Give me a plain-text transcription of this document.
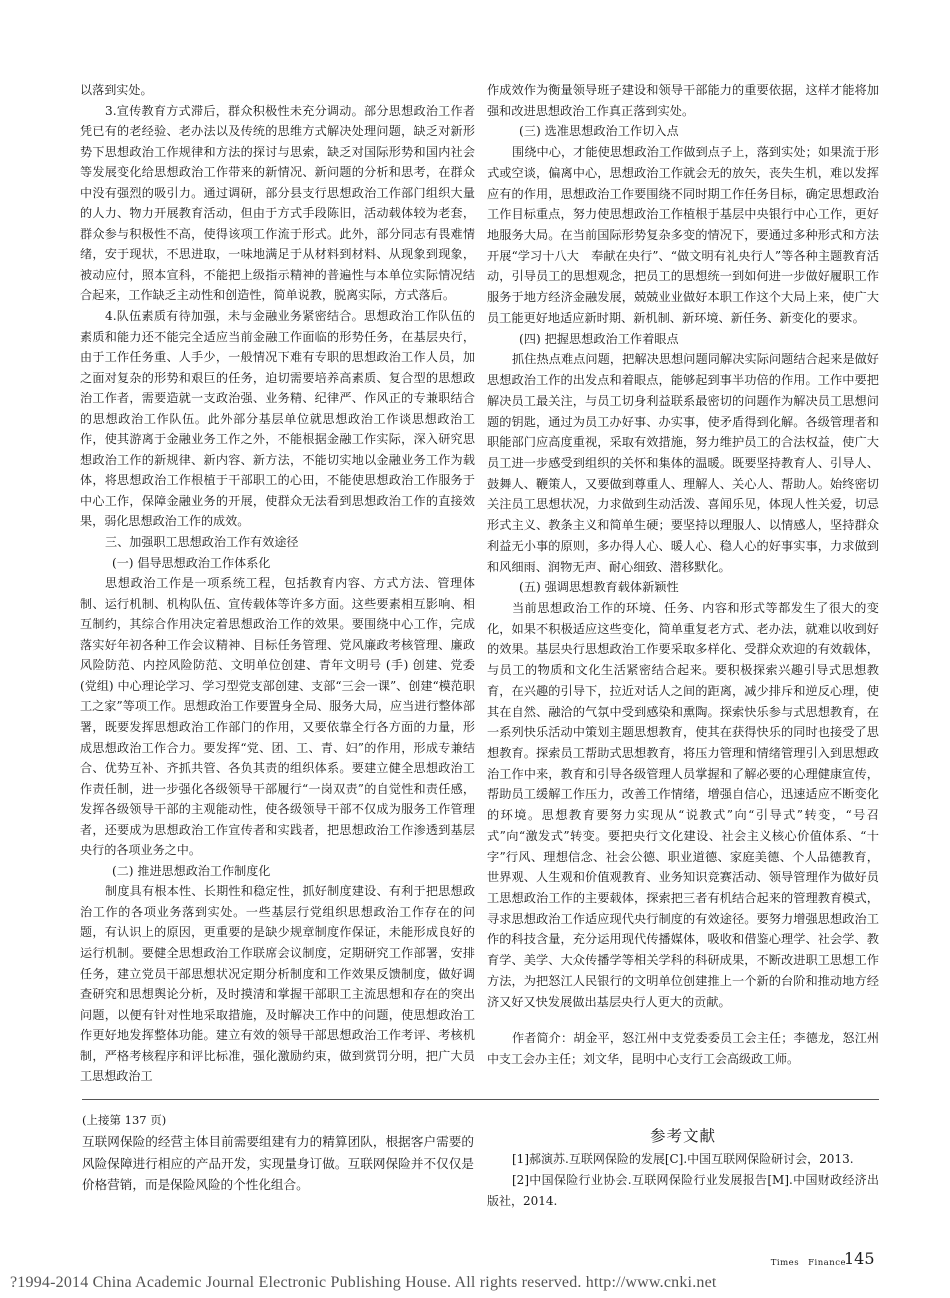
以落到实处。

3.宣传教育方式滞后，群众积极性未充分调动。部分思想政治工作者凭已有的老经验、老办法以及传统的思维方式解决处理问题，缺乏对新形势下思想政治工作规律和方法的探讨与思索，缺乏对国际形势和国内社会等发展变化给思想政治工作带来的新情况、新问题的分析和思考，在群众中没有强烈的吸引力。通过调研，部分县支行思想政治工作部门组织大量的人力、物力开展教育活动，但由于方式手段陈旧，活动载体较为老套，群众参与积极性不高，使得该项工作流于形式。此外，部分同志有畏难情绪，安于现状，不思进取，一味地满足于从材料到材料、从现象到现象，被动应付，照本宣科，不能把上级指示精神的普遍性与本单位实际情况结合起来，工作缺乏主动性和创造性，简单说教，脱离实际，方式落后。

4.队伍素质有待加强，未与金融业务紧密结合。思想政治工作队伍的素质和能力还不能完全适应当前金融工作面临的形势任务，在基层央行，由于工作任务重、人手少，一般情况下难有专职的思想政治工作人员，加之面对复杂的形势和艰巨的任务，迫切需要培养高素质、复合型的思想政治工作者，需要造就一支政治强、业务精、纪律严、作风正的专兼职结合的思想政治工作队伍。此外部分基层单位就思想政治工作谈思想政治工作，使其游离于金融业务工作之外，不能根据金融工作实际，深入研究思想政治工作的新规律、新内容、新方法，不能切实地以金融业务工作为载体，将思想政治工作根植于干部职工的心田，不能使思想政治工作服务于中心工作，保障金融业务的开展，使群众无法看到思想政治工作的直接效果，弱化思想政治工作的成效。

三、加强职工思想政治工作有效途径

(一) 倡导思想政治工作体系化

思想政治工作是一项系统工程，包括教育内容、方式方法、管理体制、运行机制、机构队伍、宣传载体等许多方面。这些要素相互影响、相互制约，其综合作用决定着思想政治工作的效果。要围绕中心工作，完成落实好年初各种工作会议精神、目标任务管理、党风廉政考核管理、廉政风险防范、内控风险防范、文明单位创建、青年文明号 (手) 创建、党委 (党组) 中心理论学习、学习型党支部创建、支部“三会一课”、创建“模范职工之家”等项工作。思想政治工作要置身全局、服务大局，应当进行整体部署，既要发挥思想政治工作部门的作用，又要依靠全行各方面的力量，形成思想政治工作合力。要发挥“党、团、工、青、妇”的作用，形成专兼结合、优势互补、齐抓共管、各负其责的组织体系。要建立健全思想政治工作责任制，进一步强化各级领导干部履行“一岗双责”的自觉性和责任感，发挥各级领导干部的主观能动性，使各级领导干部不仅成为服务工作管理者，还要成为思想政治工作宣传者和实践者，把思想政治工作渗透到基层央行的各项业务之中。

(二) 推进思想政治工作制度化

制度具有根本性、长期性和稳定性，抓好制度建设、有利于把思想政治工作的各项业务落到实处。一些基层行党组织思想政治工作存在的问题，有认识上的原因，更重要的是缺少规章制度作保证，未能形成良好的运行机制。要健全思想政治工作联席会议制度，定期研究工作部署，安排任务，建立党员干部思想状况定期分析制度和工作效果反馈制度，做好调查研究和思想舆论分析，及时摸清和掌握干部职工主流思想和存在的突出问题，以便有针对性地采取措施，及时解决工作中的问题，使思想政治工作更好地发挥整体功能。建立有效的领导干部思想政治工作考评、考核机制，严格考核程序和评比标准，强化激励约束，做到赏罚分明，把广大员工思想政治工

作成效作为衡量领导班子建设和领导干部能力的重要依据，这样才能将加强和改进思想政治工作真正落到实处。

(三) 选准思想政治工作切入点

围绕中心，才能使思想政治工作做到点子上，落到实处；如果流于形式或空谈，偏离中心，思想政治工作就会无的放矢，丧失生机，难以发挥应有的作用，思想政治工作要围绕不同时期工作任务目标，确定思想政治工作目标重点，努力使思想政治工作植根于基层中央银行中心工作，更好地服务大局。在当前国际形势复杂多变的情况下，要通过多种形式和方法开展“学习十八大　奉献在央行”、“做文明有礼央行人”等各种主题教育活动，引导员工的思想观念，把员工的思想统一到如何进一步做好履职工作服务于地方经济金融发展，兢兢业业做好本职工作这个大局上来，使广大员工能更好地适应新时期、新机制、新环境、新任务、新变化的要求。

(四) 把握思想政治工作着眼点

抓住热点难点问题，把解决思想问题同解决实际问题结合起来是做好思想政治工作的出发点和着眼点，能够起到事半功倍的作用。工作中要把解决员工最关注，与员工切身利益联系最密切的问题作为解决员工思想问题的钥匙，通过为员工办好事、办实事，使矛盾得到化解。各级管理者和职能部门应高度重视，采取有效措施，努力维护员工的合法权益，使广大员工进一步感受到组织的关怀和集体的温暖。既要坚持教育人、引导人、鼓舞人、鞭策人，又要做到尊重人、理解人、关心人、帮助人。始终密切关注员工思想状况，力求做到生动活泼、喜闻乐见，体现人性关爱，切忌形式主义、教条主义和简单生硬；要坚持以理服人、以情感人，坚持群众利益无小事的原则，多办得人心、暖人心、稳人心的好事实事，力求做到和风细雨、润物无声、耐心细致、潜移默化。

(五) 强调思想教育载体新颖性

当前思想政治工作的环境、任务、内容和形式等都发生了很大的变化，如果不积极适应这些变化，简单重复老方式、老办法，就难以收到好的效果。基层央行思想政治工作要采取多样化、受群众欢迎的有效载体，与员工的物质和文化生活紧密结合起来。要积极探索兴趣引导式思想教育，在兴趣的引导下，拉近对话人之间的距离，减少排斥和逆反心理，使其在自然、融洽的气氛中受到感染和熏陶。探索快乐参与式思想教育，在一系列快乐活动中策划主题思想教育，使其在获得快乐的同时也接受了思想教育。探索员工帮助式思想教育，将压力管理和情绪管理引入到思想政治工作中来，教育和引导各级管理人员掌握和了解必要的心理健康宣传，帮助员工缓解工作压力，改善工作情绪，增强自信心，迅速适应不断变化的环境。思想教育要努力实现从“说教式”向“引导式”转变，“号召式”向“激发式”转变。要把央行文化建设、社会主义核心价值体系、“十字”行风、理想信念、社会公德、职业道德、家庭美德、个人品德教育，世界观、人生观和价值观教育、业务知识竞赛活动、领导管理作为做好员工思想政治工作的主要载体，探索把三者有机结合起来的管理教育模式，寻求思想政治工作适应现代央行制度的有效途径。要努力增强思想政治工作的科技含量，充分运用现代传播媒体，吸收和借鉴心理学、社会学、教育学、美学、大众传播学等相关学科的科研成果，不断改进职工思想工作方法，为把怒江人民银行的文明单位创建推上一个新的台阶和推动地方经济又好又快发展做出基层央行人更大的贡献。

作者简介：胡金平，怒江州中支党委委员工会主任；李德龙，怒江州中支工会办主任；刘文华，昆明中心支行工会高级政工师。

(上接第 137 页)

互联网保险的经营主体目前需要组建有力的精算团队，根据客户需要的风险保障进行相应的产品开发，实现量身订做。互联网保险并不仅仅是价格营销，而是保险风险的个性化组合。

参考文献

[1]郝演苏.互联网保险的发展[C].中国互联网保险研讨会，2013.

[2]中国保险行业协会.互联网保险行业发展报告[M].中国财政经济出版社，2014.

Times　Finance
145
?1994-2014 China Academic Journal Electronic Publishing House. All rights reserved. http://www.cnki.net
